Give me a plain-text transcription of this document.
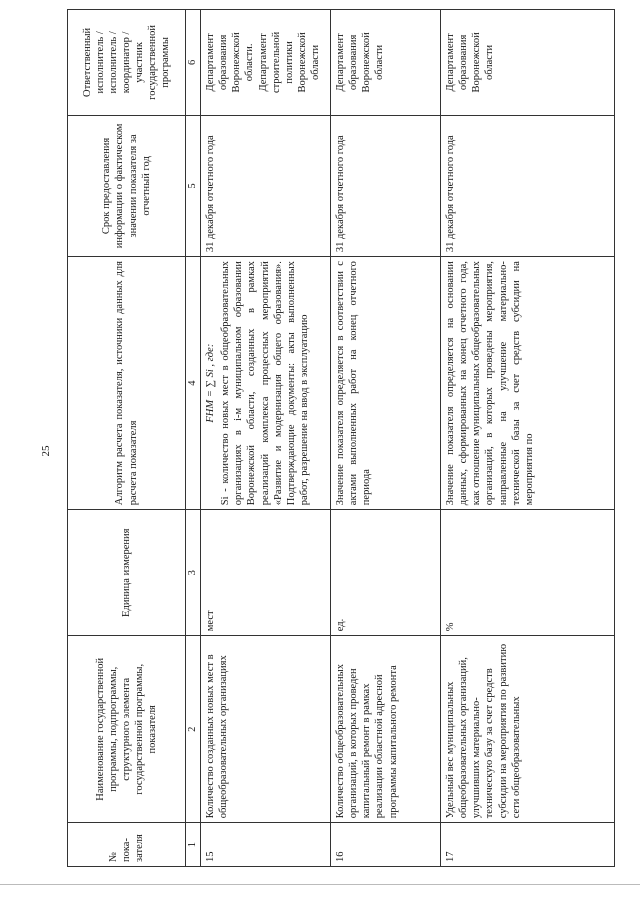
25
№ пока-зателя	Наименование государственной программы, подпрограммы, структурного элемента государственной программы, показателя	Единица измерения	Алгоритм расчета показателя, источники данных для расчета показателя	Срок предоставления информации о фактическом значении показателя за отчетный год	Ответственный исполнитель / исполнитель / координатор / участник государственной программы
1	2	3	4	5	6
15	Количество созданных новых мест в общеобразовательных организациях	мест	FНМ = ∑ Si , где: Si - количество новых мест в общеобразовательных организациях в i-м муниципальном образовании Воронежской области, созданных в рамках реализаций комплекса процессных мероприятий «Развитие и модернизация общего образования». Подтверждающие документы: акты выполненных работ, разрешение на ввод в эксплуатацию	31 декабря отчетного года	Департамент образования Воронежской области. Департамент строительной политики Воронежской области
16	Количество общеобразовательных организаций, в которых проведен капитальный ремонт в рамках реализации областной адресной программы капитального ремонта	ед.	Значение показателя определяется в соответствии с актами выполненных работ на конец отчетного периода	31 декабря отчетного года	Департамент образования Воронежской области
17	Удельный вес муниципальных общеобразовательных организаций, улучшивших материально-техническую базу за счет средств субсидии на мероприятия по развитию сети общеобразовательных	%	Значение показателя определяется на основании данных, сформированных на конец отчетного года, как отношение муниципальных общеобразовательных организаций, в которых проведены мероприятия, направленные на улучшение материально-технической базы за счет средств субсидии на мероприятия по	31 декабря отчетного года	Департамент образования Воронежской области
